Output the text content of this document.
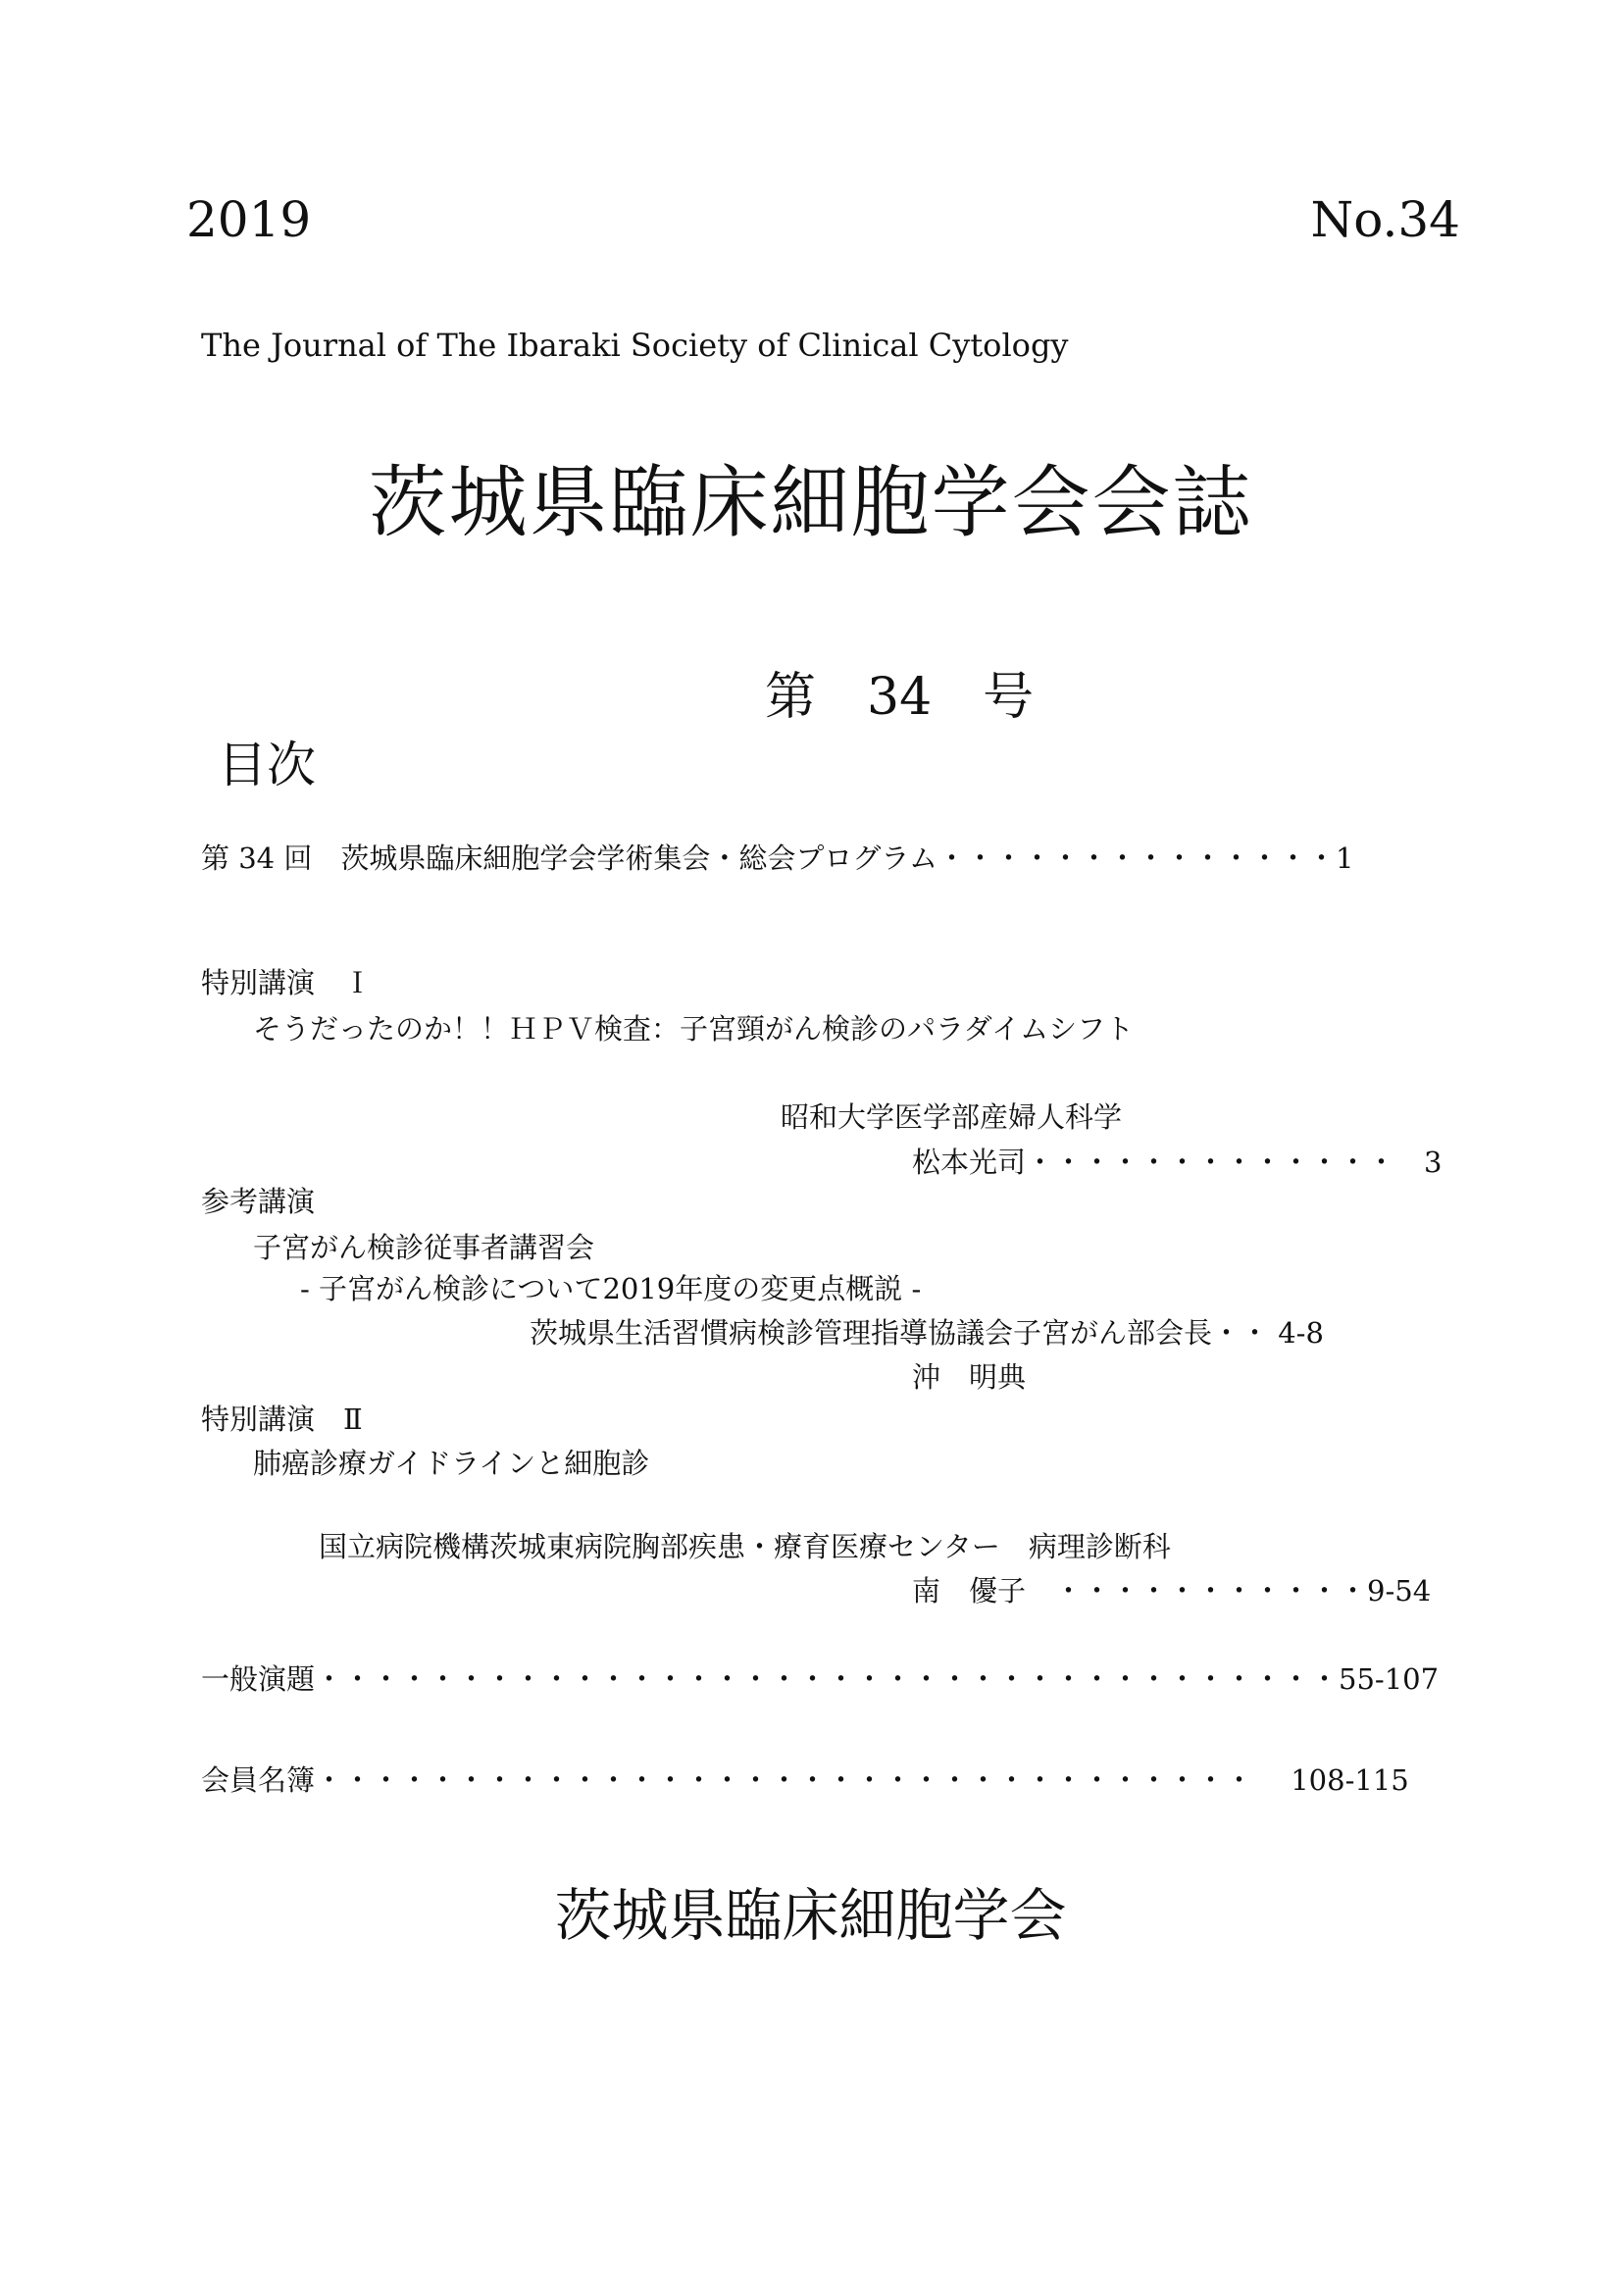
2019	No.34
The Journal of The Ibaraki Society of Clinical Cytology
茨城県臨床細胞学会会誌
第　34　号
目次
第 34 回　茨城県臨床細胞学会学術集会・総会プログラム・・・・・・・・・・・・・・1
特別講演　Ｉ
そうだったのか！！ＨＰＶ検査：子宮頸がん検診のパラダイムシフト
昭和大学医学部産婦人科学
松本光司・・・・・・・・・・・・・　3
参考講演
子宮がん検診従事者講習会
- 子宮がん検診について2019年度の変更点概説 -
茨城県生活習慣病検診管理指導協議会子宮がん部会長・・ 4-8
沖　明典
特別講演　Ⅱ
肺癌診療ガイドラインと細胞診
国立病院機構茨城東病院胸部疾患・療育医療センター　病理診断科
南　優子　・・・・・・・・・・・9-54
一般演題・・・・・・・・・・・・・・・・・・・・・・・・・・・・・・・・・・・・55-107
会員名簿・・・・・・・・・・・・・・・・・・・・・・・・・・・・・・・・・　 108-115
茨城県臨床細胞学会
